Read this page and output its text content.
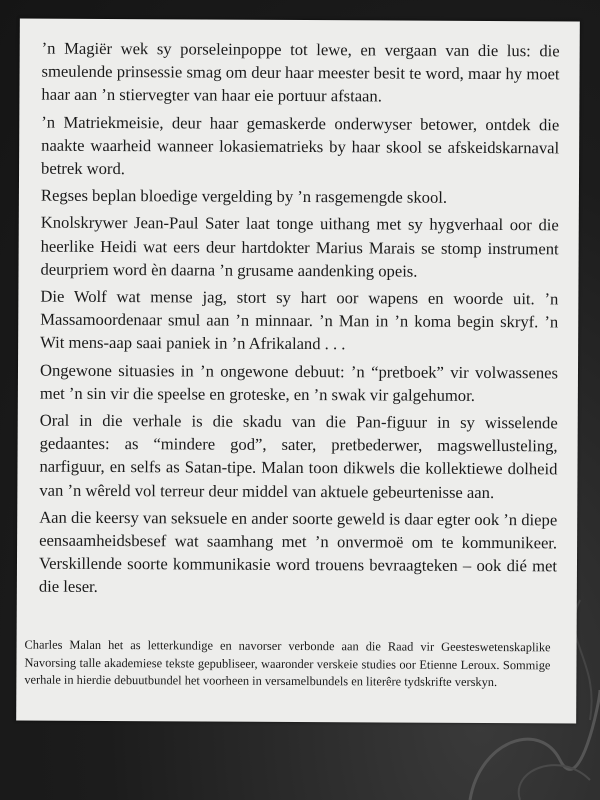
’n Magiër wek sy porseleinpoppe tot lewe, en vergaan van die lus: die smeulende prinsessie smag om deur haar meester besit te word, maar hy moet haar aan ’n stiervegter van haar eie portuur afstaan.

’n Matriekmeisie, deur haar gemaskerde onderwyser betower, ontdek die naakte waarheid wanneer lokasiematrieks by haar skool se afskeidskarnaval betrek word.

Regses beplan bloedige vergelding by ’n rasgemengde skool.

Knolskrywer Jean-Paul Sater laat tonge uithang met sy hygverhaal oor die heerlike Heidi wat eers deur hartdokter Marius Marais se stomp instrument deurpriem word èn daarna ’n grusame aandenking opeis.

Die Wolf wat mense jag, stort sy hart oor wapens en woorde uit. ’n Massamoordenaar smul aan ’n minnaar. ’n Man in ’n koma begin skryf. ’n Wit mens-aap saai paniek in ’n Afrikaland . . .

Ongewone situasies in ’n ongewone debuut: ’n “pretboek” vir volwassenes met ’n sin vir die speelse en groteske, en ’n swak vir galgehumor.

Oral in die verhale is die skadu van die Pan-figuur in sy wisselende gedaantes: as “mindere god”, sater, pretbederwer, magswellusteling, narfiguur, en selfs as Satan-tipe. Malan toon dikwels die kollektiewe dolheid van ’n wêreld vol terreur deur middel van aktuele gebeurtenisse aan.

Aan die keersy van seksuele en ander soorte geweld is daar egter ook ’n diepe eensaamheidsbesef wat saamhang met ’n onvermoë om te kommunikeer. Verskillende soorte kommunikasie word trouens bevraagteken – ook dié met die leser.

Charles Malan het as letterkundige en navorser verbonde aan die Raad vir Geesteswetenskaplike Navorsing talle akademiese tekste gepubliseer, waaronder verskeie studies oor Etienne Leroux. Sommige verhale in hierdie debuutbundel het voorheen in versamelbundels en literêre tydskrifte verskyn.
